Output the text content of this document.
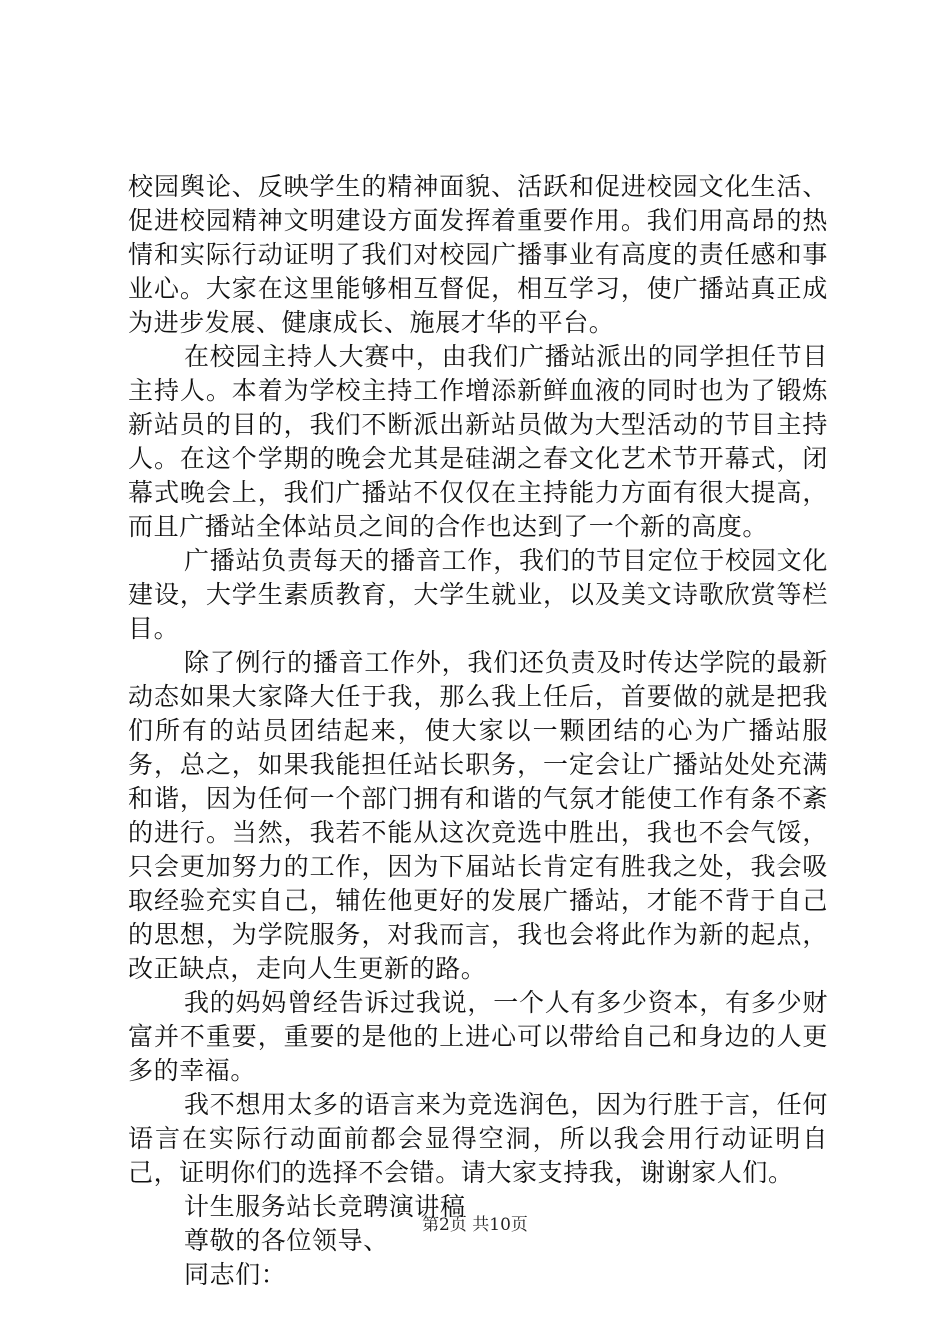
校园舆论、反映学生的精神面貌、活跃和促进校园文化生活、促进校园精神文明建设方面发挥着重要作用。我们用高昂的热情和实际行动证明了我们对校园广播事业有高度的责任感和事业心。大家在这里能够相互督促，相互学习，使广播站真正成为进步发展、健康成长、施展才华的平台。

在校园主持人大赛中，由我们广播站派出的同学担任节目主持人。本着为学校主持工作增添新鲜血液的同时也为了锻炼新站员的目的，我们不断派出新站员做为大型活动的节目主持人。在这个学期的晚会尤其是硅湖之春文化艺术节开幕式，闭幕式晚会上，我们广播站不仅仅在主持能力方面有很大提高，而且广播站全体站员之间的合作也达到了一个新的高度。

广播站负责每天的播音工作，我们的节目定位于校园文化建设，大学生素质教育，大学生就业，以及美文诗歌欣赏等栏目。

除了例行的播音工作外，我们还负责及时传达学院的最新动态如果大家降大任于我，那么我上任后，首要做的就是把我们所有的站员团结起来，使大家以一颗团结的心为广播站服务，总之，如果我能担任站长职务，一定会让广播站处处充满和谐，因为任何一个部门拥有和谐的气氛才能使工作有条不紊的进行。当然，我若不能从这次竞选中胜出，我也不会气馁，只会更加努力的工作，因为下届站长肯定有胜我之处，我会吸取经验充实自己，辅佐他更好的发展广播站，才能不背于自己的思想，为学院服务，对我而言，我也会将此作为新的起点，改正缺点，走向人生更新的路。

我的妈妈曾经告诉过我说，一个人有多少资本，有多少财富并不重要，重要的是他的上进心可以带给自己和身边的人更多的幸福。

我不想用太多的语言来为竞选润色，因为行胜于言，任何语言在实际行动面前都会显得空洞，所以我会用行动证明自己，证明你们的选择不会错。请大家支持我，谢谢家人们。

计生服务站长竞聘演讲稿

尊敬的各位领导、

同志们：

第2页 共10页
